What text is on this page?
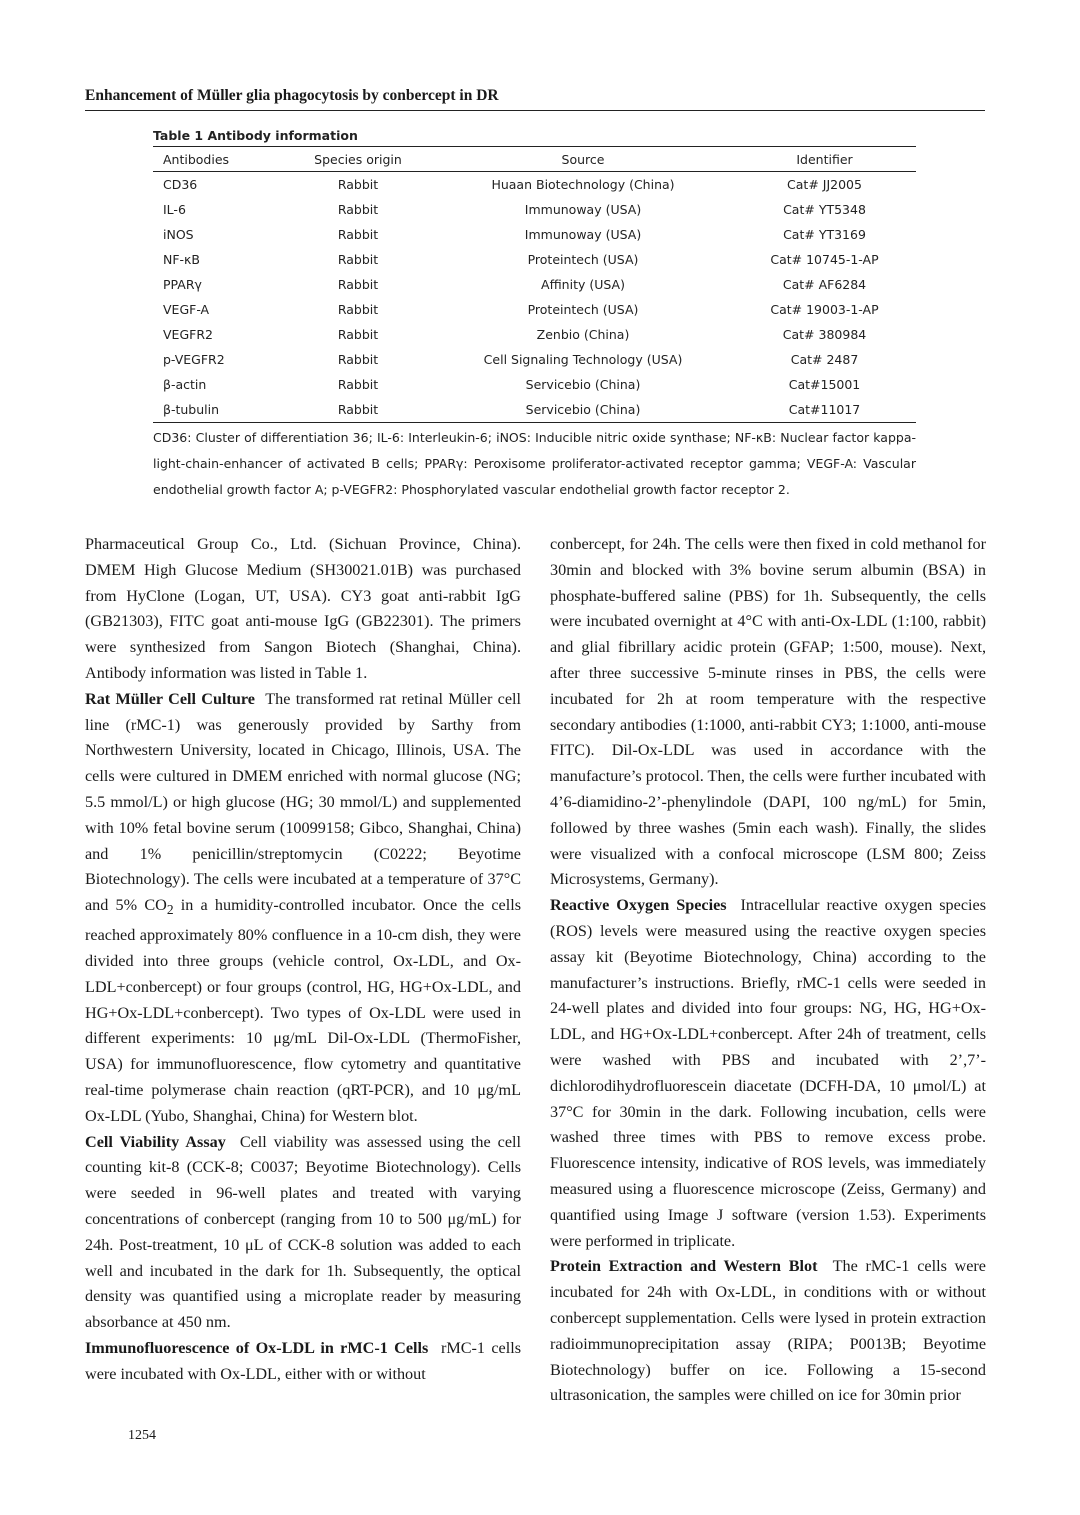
Enhancement of Müller glia phagocytosis by conbercept in DR
Table 1 Antibody information
Antibodies	Species origin	Source	Identifier
CD36	Rabbit	Huaan Biotechnology (China)	Cat# JJ2005
IL-6	Rabbit	Immunoway (USA)	Cat# YT5348
iNOS	Rabbit	Immunoway (USA)	Cat# YT3169
NF-κB	Rabbit	Proteintech (USA)	Cat# 10745-1-AP
PPARγ	Rabbit	Affinity (USA)	Cat# AF6284
VEGF-A	Rabbit	Proteintech (USA)	Cat# 19003-1-AP
VEGFR2	Rabbit	Zenbio (China)	Cat# 380984
p-VEGFR2	Rabbit	Cell Signaling Technology (USA)	Cat# 2487
β-actin	Rabbit	Servicebio (China)	Cat#15001
β-tubulin	Rabbit	Servicebio (China)	Cat#11017

CD36: Cluster of differentiation 36; IL-6: Interleukin-6; iNOS: Inducible nitric oxide synthase; NF-κB: Nuclear factor kappa-light-chain-enhancer of activated B cells; PPARγ: Peroxisome proliferator-activated receptor gamma; VEGF-A: Vascular endothelial growth factor A; p-VEGFR2: Phosphorylated vascular endothelial growth factor receptor 2.

Pharmaceutical Group Co., Ltd. (Sichuan Province, China). DMEM High Glucose Medium (SH30021.01B) was purchased from HyClone (Logan, UT, USA). CY3 goat anti-rabbit IgG (GB21303), FITC goat anti-mouse IgG (GB22301). The primers were synthesized from Sangon Biotech (Shanghai, China). Antibody information was listed in Table 1.

Rat Müller Cell Culture The transformed rat retinal Müller cell line (rMC-1) was generously provided by Sarthy from Northwestern University, located in Chicago, Illinois, USA. The cells were cultured in DMEM enriched with normal glucose (NG; 5.5 mmol/L) or high glucose (HG; 30 mmol/L) and supplemented with 10% fetal bovine serum (10099158; Gibco, Shanghai, China) and 1% penicillin/streptomycin (C0222; Beyotime Biotechnology). The cells were incubated at a temperature of 37°C and 5% $CO_2$ in a humidity-controlled incubator. Once the cells reached approximately 80% confluence in a 10-cm dish, they were divided into three groups (vehicle control, Ox-LDL, and Ox-LDL+conbercept) or four groups (control, HG, HG+Ox-LDL, and HG+Ox-LDL+conbercept). Two types of Ox-LDL were used in different experiments: 10 μg/mL Dil-Ox-LDL (ThermoFisher, USA) for immunofluorescence, flow cytometry and quantitative real-time polymerase chain reaction (qRT-PCR), and 10 μg/mL Ox-LDL (Yubo, Shanghai, China) for Western blot.

Cell Viability Assay Cell viability was assessed using the cell counting kit-8 (CCK-8; C0037; Beyotime Biotechnology). Cells were seeded in 96-well plates and treated with varying concentrations of conbercept (ranging from 10 to 500 μg/mL) for 24h. Post-treatment, 10 μL of CCK-8 solution was added to each well and incubated in the dark for 1h. Subsequently, the optical density was quantified using a microplate reader by measuring absorbance at 450 nm.

Immunofluorescence of Ox-LDL in rMC-1 Cells rMC-1 cells were incubated with Ox-LDL, either with or without

conbercept, for 24h. The cells were then fixed in cold methanol for 30min and blocked with 3% bovine serum albumin (BSA) in phosphate-buffered saline (PBS) for 1h. Subsequently, the cells were incubated overnight at 4°C with anti-Ox-LDL (1:100, rabbit) and glial fibrillary acidic protein (GFAP; 1:500, mouse). Next, after three successive 5-minute rinses in PBS, the cells were incubated for 2h at room temperature with the respective secondary antibodies (1:1000, anti-rabbit CY3; 1:1000, anti-mouse FITC). Dil-Ox-LDL was used in accordance with the manufacture’s protocol. Then, the cells were further incubated with 4’6-diamidino-2’-phenylindole (DAPI, 100 ng/mL) for 5min, followed by three washes (5min each wash). Finally, the slides were visualized with a confocal microscope (LSM 800; Zeiss Microsystems, Germany).

Reactive Oxygen Species Intracellular reactive oxygen species (ROS) levels were measured using the reactive oxygen species assay kit (Beyotime Biotechnology, China) according to the manufacturer’s instructions. Briefly, rMC-1 cells were seeded in 24-well plates and divided into four groups: NG, HG, HG+Ox-LDL, and HG+Ox-LDL+conbercept. After 24h of treatment, cells were washed with PBS and incubated with 2’,7’-dichlorodihydrofluorescein diacetate (DCFH-DA, 10 μmol/L) at 37°C for 30min in the dark. Following incubation, cells were washed three times with PBS to remove excess probe. Fluorescence intensity, indicative of ROS levels, was immediately measured using a fluorescence microscope (Zeiss, Germany) and quantified using Image J software (version 1.53). Experiments were performed in triplicate.

Protein Extraction and Western Blot The rMC-1 cells were incubated for 24h with Ox-LDL, in conditions with or without conbercept supplementation. Cells were lysed in protein extraction radioimmunoprecipitation assay (RIPA; P0013B; Beyotime Biotechnology) buffer on ice. Following a 15-second ultrasonication, the samples were chilled on ice for 30min prior

1254
